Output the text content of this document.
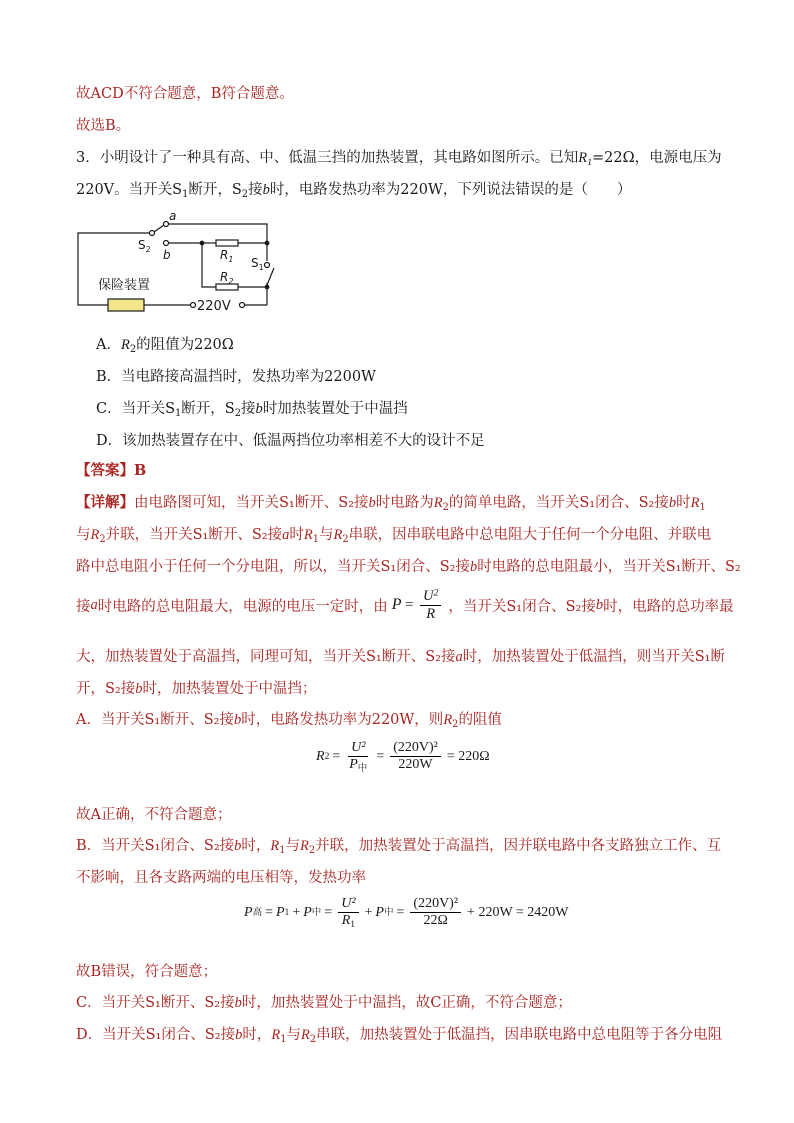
故ACD不符合题意，B符合题意。
故选B。
3．小明设计了一种具有高、中、低温三挡的加热装置，其电路如图所示。已知$R_1=22\Omega$，电源电压为
220V。当开关$S_1$断开，$S_2$接b时，电路发热功率为220W，下列说法错误的是（　　）
a
b
$S_2$
$S_1$
$R_1$
$R_2$
保险装置
220V
A．$R_2$的阻值为220Ω
B．当电路接高温挡时，发热功率为2200W
C．当开关$S_1$断开，$S_2$接b时加热装置处于中温挡
D．该加热装置存在中、低温两挡位功率相差不大的设计不足
【答案】B
【详解】由电路图可知，当开关S₁断开、S₂接b时电路为$R_2$的简单电路，当开关S₁闭合、S₂接b时$R_1$
与$R_2$并联，当开关S₁断开、S₂接a时$R_1$与$R_2$串联，因串联电路中总电阻大于任何一个分电阻、并联电
路中总电阻小于任何一个分电阻，所以，当开关S₁闭合、S₂接b时电路的总电阻最小，当开关S₁断开、S₂
接 a 时电路的总电阻最大，电源的电压一定时，由 $P = \frac{U^2}{R}$ ，当开关S₁闭合、S₂接 b 时，电路的总功率最
大，加热装置处于高温挡，同理可知，当开关S₁断开、S₂接a时，加热装置处于低温挡，则当开关S₁断
开，S₂接b时，加热装置处于中温挡；
A．当开关S₁断开、S₂接b时，电路发热功率为220W，则$R_2$的阻值
R $2 = \frac{\text{U²}}{P_中} = \frac{\text{(220V)²}}{220W} = 220\Omega$
故A正确，不符合题意；
B．当开关S₁闭合、S₂接b时，$R_1$与$R_2$并联，加热装置处于高温挡，因并联电路中各支路独立工作、互
不影响，且各支路两端的电压相等，发热功率
P 高 = P 1 + P 中 = $\frac{\text{U²}}{R_1} + P$ 中 = $\frac{\text{(220V)²}}{22\Omega} + 220W = 2420W$
故B错误，符合题意；
C．当开关S₁断开、S₂接b时，加热装置处于中温挡，故C正确，不符合题意；
D．当开关S₁闭合、S₂接b时，$R_1$与$R_2$串联，加热装置处于低温挡，因串联电路中总电阻等于各分电阻
